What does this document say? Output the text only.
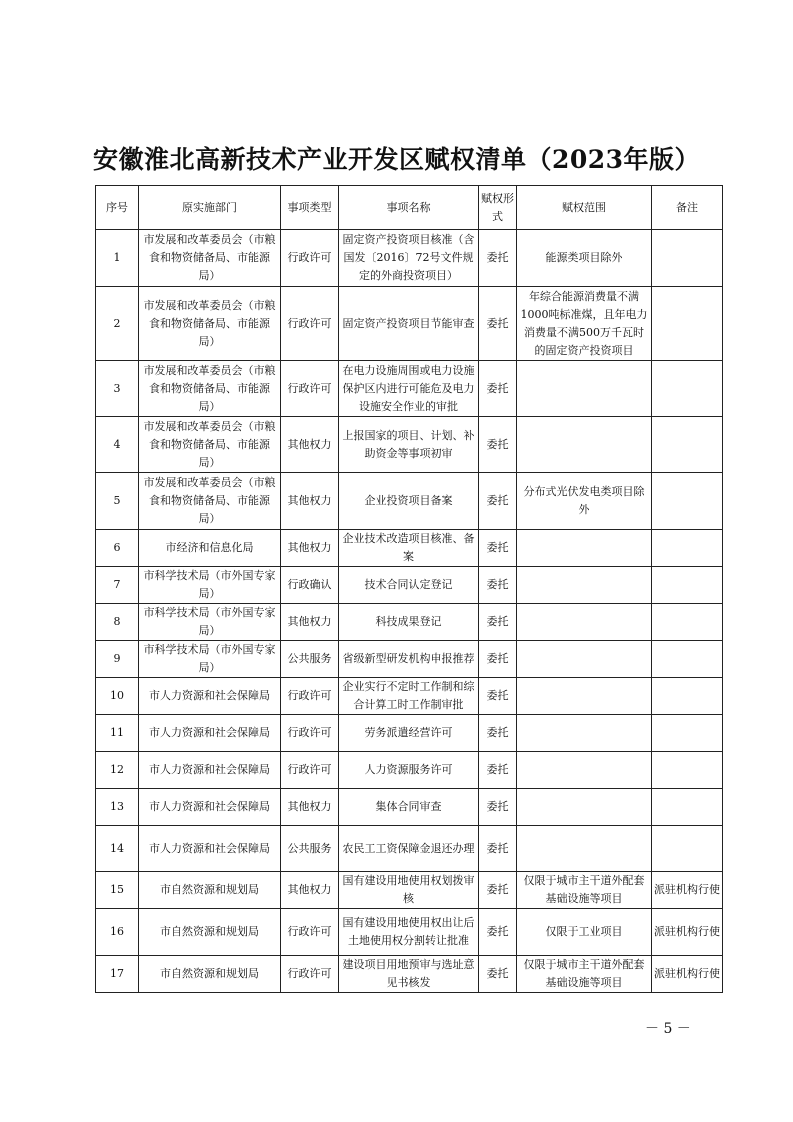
安徽淮北高新技术产业开发区赋权清单（2023年版）
序号	原实施部门	事项类型	事项名称	赋权形式	赋权范围	备注
1	市发展和改革委员会（市粮食和物资储备局、市能源局）	行政许可	固定资产投资项目核准（含国发〔2016〕72号文件规定的外商投资项目）	委托	能源类项目除外	
2	市发展和改革委员会（市粮食和物资储备局、市能源局）	行政许可	固定资产投资项目节能审查	委托	年综合能源消费量不满1000吨标准煤，且年电力消费量不满500万千瓦时的固定资产投资项目	
3	市发展和改革委员会（市粮食和物资储备局、市能源局）	行政许可	在电力设施周围或电力设施保护区内进行可能危及电力设施安全作业的审批	委托		
4	市发展和改革委员会（市粮食和物资储备局、市能源局）	其他权力	上报国家的项目、计划、补助资金等事项初审	委托		
5	市发展和改革委员会（市粮食和物资储备局、市能源局）	其他权力	企业投资项目备案	委托	分布式光伏发电类项目除外	
6	市经济和信息化局	其他权力	企业技术改造项目核准、备案	委托		
7	市科学技术局（市外国专家局）	行政确认	技术合同认定登记	委托		
8	市科学技术局（市外国专家局）	其他权力	科技成果登记	委托		
9	市科学技术局（市外国专家局）	公共服务	省级新型研发机构申报推荐	委托		
10	市人力资源和社会保障局	行政许可	企业实行不定时工作制和综合计算工时工作制审批	委托		
11	市人力资源和社会保障局	行政许可	劳务派遣经营许可	委托		
12	市人力资源和社会保障局	行政许可	人力资源服务许可	委托		
13	市人力资源和社会保障局	其他权力	集体合同审查	委托		
14	市人力资源和社会保障局	公共服务	农民工工资保障金退还办理	委托		
15	市自然资源和规划局	其他权力	国有建设用地使用权划拨审核	委托	仅限于城市主干道外配套基础设施等项目	派驻机构行使
16	市自然资源和规划局	行政许可	国有建设用地使用权出让后土地使用权分割转让批准	委托	仅限于工业项目	派驻机构行使
17	市自然资源和规划局	行政许可	建设项目用地预审与选址意见书核发	委托	仅限于城市主干道外配套基础设施等项目	派驻机构行使
－ 5 －
